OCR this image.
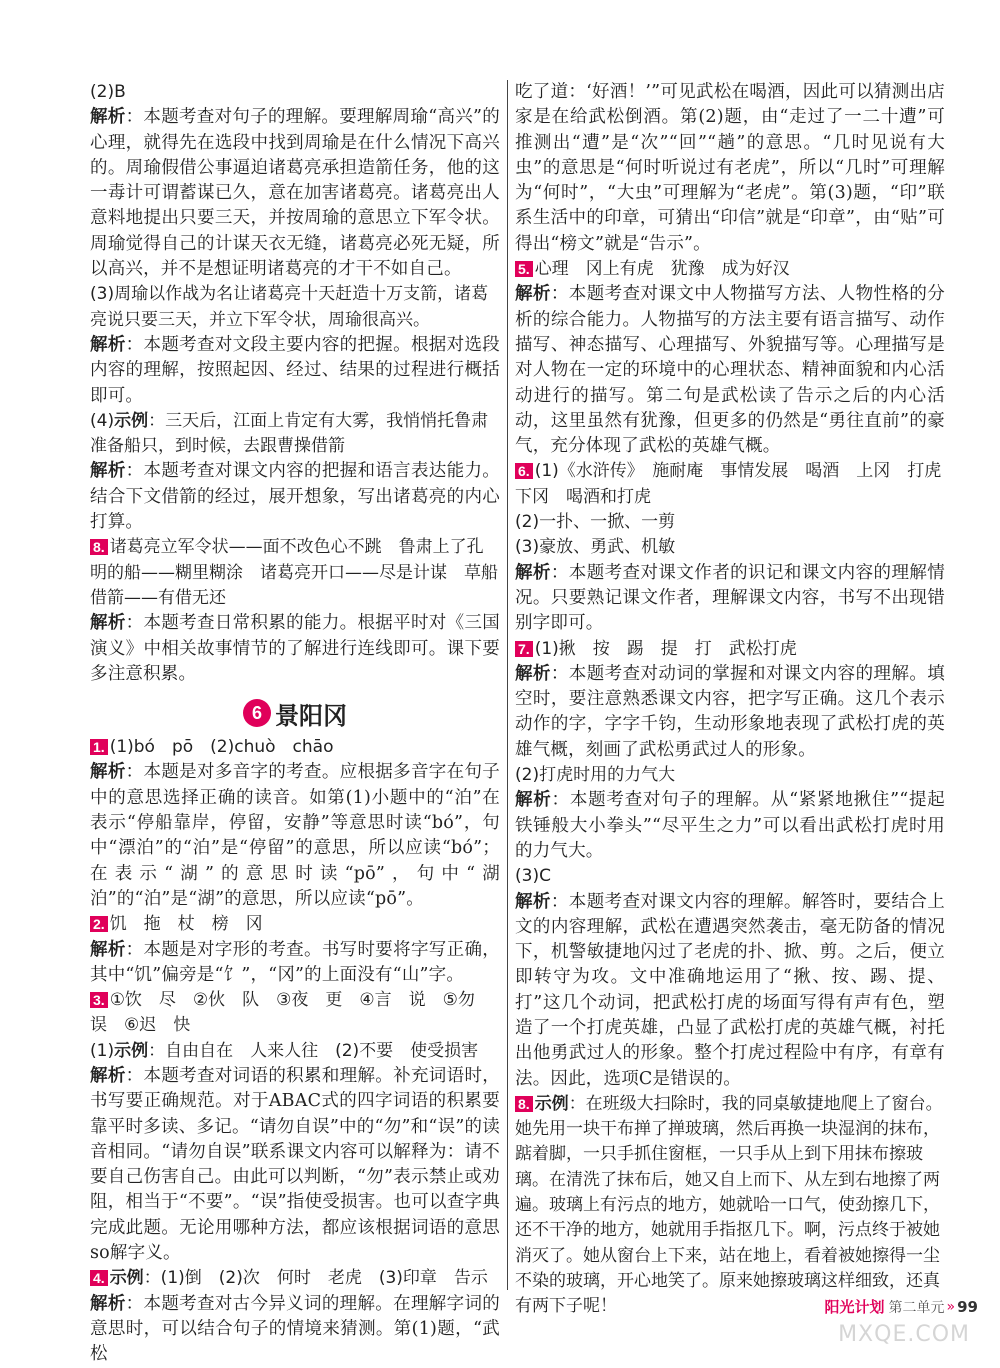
(2)B

解析：本题考查对句子的理解。要理解周瑜“高兴”的心理，就得先在选段中找到周瑜是在什么情况下高兴的。周瑜假借公事逼迫诸葛亮承担造箭任务，他的这一毒计可谓蓄谋已久，意在加害诸葛亮。诸葛亮出人意料地提出只要三天，并按周瑜的意思立下军令状。周瑜觉得自己的计谋天衣无缝，诸葛亮必死无疑，所以高兴，并不是想证明诸葛亮的才干不如自己。

(3)周瑜以作战为名让诸葛亮十天赶造十万支箭，诸葛亮说只要三天，并立下军令状，周瑜很高兴。

解析：本题考查对文段主要内容的把握。根据对选段内容的理解，按照起因、经过、结果的过程进行概括即可。

(4)示例：三天后，江面上肯定有大雾，我悄悄托鲁肃准备船只，到时候，去跟曹操借箭

解析：本题考查对课文内容的把握和语言表达能力。结合下文借箭的经过，展开想象，写出诸葛亮的内心打算。

8. 诸葛亮立军令状——面不改色心不跳　鲁肃上了孔明的船——糊里糊涂　诸葛亮开口——尽是计谋　草船借箭——有借无还

解析：本题考查日常积累的能力。根据平时对《三国演义》中相关故事情节的了解进行连线即可。课下要多注意积累。

6 景阳冈

1. (1)bó　pō　(2)chuò　chāo

解析：本题是对多音字的考查。应根据多音字在句子中的意思选择正确的读音。如第(1)小题中的“泊”在表示“停船靠岸，停留，安静”等意思时读“bó”，句中“漂泊”的“泊”是“停留”的意思，所以应读“bó”；在表示“湖”的意思时读“pō”，句中“湖泊”的“泊”是“湖”的意思，所以应读“pō”。

2. 饥　拖　杖　榜　冈

解析：本题是对字形的考查。书写时要将字写正确，其中“饥”偏旁是“饣”，“冈”的上面没有“山”字。

3. ①饮　尽　②伙　队　③夜　更　④言　说　⑤勿　误　⑥迟　快

(1)示例：自由自在　人来人往　(2)不要　使受损害

解析：本题考查对词语的积累和理解。补充词语时，书写要正确规范。对于ABAC式的四字词语的积累要靠平时多读、多记。“请勿自误”中的“勿”和“误”的读音相同。“请勿自误”联系课文内容可以解释为：请不要自己伤害自己。由此可以判断，“勿”表示禁止或劝阻，相当于“不要”。“误”指使受损害。也可以查字典完成此题。无论用哪种方法，都应该根据词语的意思so解字义。

4. 示例：(1)倒　(2)次　何时　老虎　(3)印章　告示

解析：本题考查对古今异义词的理解。在理解字词的意思时，可以结合句子的情境来猜测。第(1)题，“武松

吃了道：‘好酒！’”可见武松在喝酒，因此可以猜测出店家是在给武松倒酒。第(2)题，由“走过了一二十遭”可推测出“遭”是“次”“回”“趟”的意思。“几时见说有大虫”的意思是“何时听说过有老虎”，所以“几时”可理解为“何时”，“大虫”可理解为“老虎”。第(3)题，“印”联系生活中的印章，可猜出“印信”就是“印章”，由“贴”可得出“榜文”就是“告示”。

5. 心理　冈上有虎　犹豫　成为好汉

解析：本题考查对课文中人物描写方法、人物性格的分析的综合能力。人物描写的方法主要有语言描写、动作描写、神态描写、心理描写、外貌描写等。心理描写是对人物在一定的环境中的心理状态、精神面貌和内心活动进行的描写。第二句是武松读了告示之后的内心活动，这里虽然有犹豫，但更多的仍然是“勇往直前”的豪气，充分体现了武松的英雄气概。

6. (1)《水浒传》　施耐庵　事情发展　喝酒　上冈　打虎　下冈　喝酒和打虎

(2)一扑、一掀、一剪

(3)豪放、勇武、机敏

解析：本题考查对课文作者的识记和课文内容的理解情况。只要熟记课文作者，理解课文内容，书写不出现错别字即可。

7. (1)揪　按　踢　提　打　武松打虎

解析：本题考查对动词的掌握和对课文内容的理解。填空时，要注意熟悉课文内容，把字写正确。这几个表示动作的字，字字千钧，生动形象地表现了武松打虎的英雄气概，刻画了武松勇武过人的形象。

(2)打虎时用的力气大

解析：本题考查对句子的理解。从“紧紧地揪住”“提起铁锤般大小拳头”“尽平生之力”可以看出武松打虎时用的力气大。

(3)C

解析：本题考查对课文内容的理解。解答时，要结合上文的内容理解，武松在遭遇突然袭击，毫无防备的情况下，机警敏捷地闪过了老虎的扑、掀、剪。之后，便立即转守为攻。文中准确地运用了“揪、按、踢、提、打”这几个动词，把武松打虎的场面写得有声有色，塑造了一个打虎英雄，凸显了武松打虎的英雄气概，衬托出他勇武过人的形象。整个打虎过程险中有序，有章有法。因此，选项C是错误的。

8. 示例：在班级大扫除时，我的同桌敏捷地爬上了窗台。她先用一块干布掸了掸玻璃，然后再换一块湿润的抹布，踮着脚，一只手抓住窗框，一只手从上到下用抹布擦玻璃。在清洗了抹布后，她又自上而下、从左到右地擦了两遍。玻璃上有污点的地方，她就哈一口气，使劲擦几下，还不干净的地方，她就用手指抠几下。啊，污点终于被她消灭了。她从窗台上下来，站在地上，看着被她擦得一尘不染的玻璃，开心地笑了。原来她擦玻璃这样细致，还真有两下子呢！	阳光计划 第二单元 » 99
MXQE.COM
